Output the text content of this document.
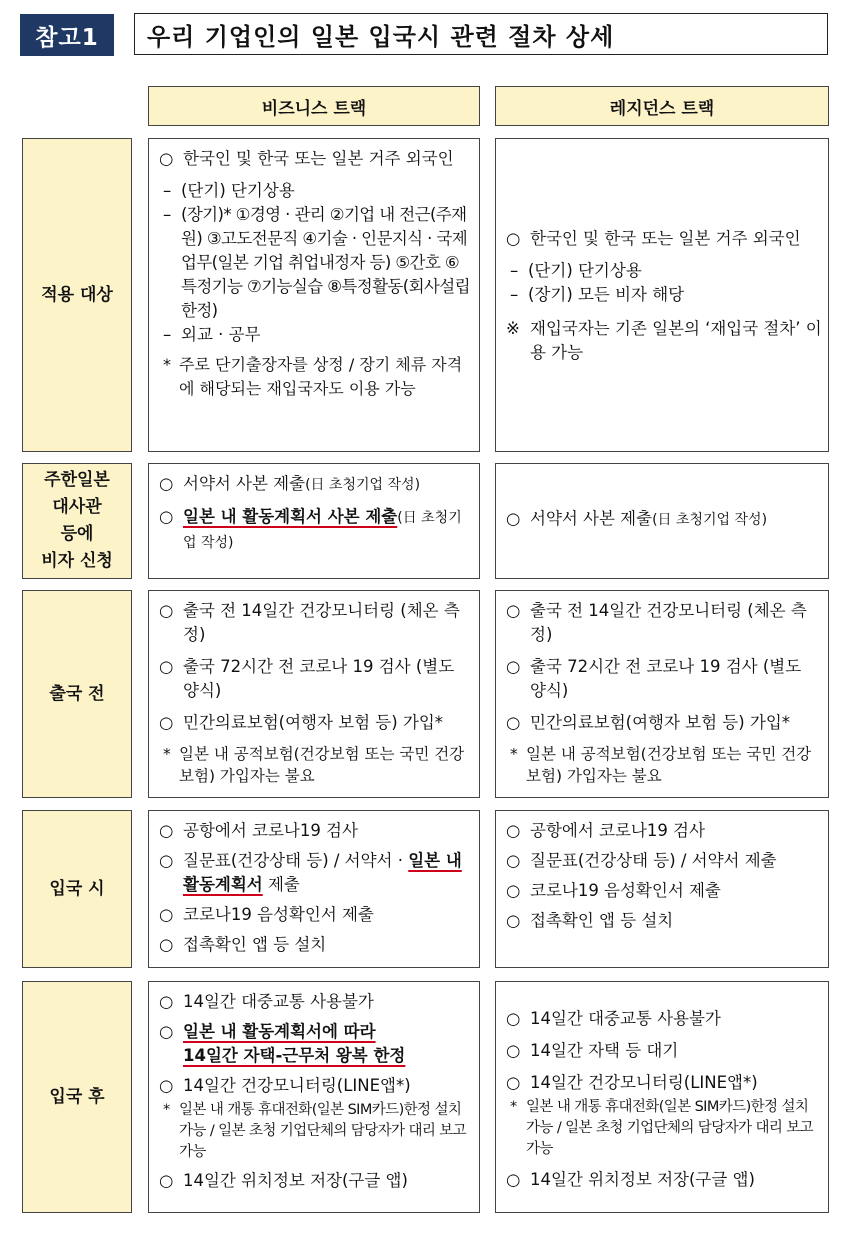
참고1	우리 기업인의 일본 입국시 관련 절차 상세
비즈니스 트랙	레지던스 트랙
적용 대상
○ 한국인 및 한국 또는 일본 거주 외국인
– (단기) 단기상용
– (장기)* ①경영 · 관리 ②기업 내 전근(주재원) ③고도전문직 ④기술 · 인문지식 · 국제업무(일본 기업 취업내정자 등) ⑤간호 ⑥특정기능 ⑦기능실습 ⑧특정활동(회사설립 한정)
– 외교 · 공무
* 주로 단기출장자를 상정 / 장기 체류 자격에 해당되는 재입국자도 이용 가능
○ 한국인 및 한국 또는 일본 거주 외국인
– (단기) 단기상용
– (장기) 모든 비자 해당
※ 재입국자는 기존 일본의 ‘재입국 절차’ 이용 가능
주한일본
대사관
등에
비자 신청
○ 서약서 사본 제출(日 초청기업 작성)
○ 일본 내 활동계획서 사본 제출(日 초청기업 작성)
○ 서약서 사본 제출(日 초청기업 작성)
출국 전
○ 출국 전 14일간 건강모니터링 (체온 측정)
○ 출국 72시간 전 코로나 19 검사 (별도 양식)
○ 민간의료보험(여행자 보험 등) 가입*
* 일본 내 공적보험(건강보험 또는 국민 건강보험) 가입자는 불요
○ 출국 전 14일간 건강모니터링 (체온 측정)
○ 출국 72시간 전 코로나 19 검사 (별도 양식)
○ 민간의료보험(여행자 보험 등) 가입*
* 일본 내 공적보험(건강보험 또는 국민 건강보험) 가입자는 불요
입국 시
○ 공항에서 코로나19 검사
○ 질문표(건강상태 등) / 서약서 · 일본 내 활동계획서 제출
○ 코로나19 음성확인서 제출
○ 접촉확인 앱 등 설치
○ 공항에서 코로나19 검사
○ 질문표(건강상태 등) / 서약서 제출
○ 코로나19 음성확인서 제출
○ 접촉확인 앱 등 설치
입국 후
○ 14일간 대중교통 사용불가
○ 일본 내 활동계획서에 따라
14일간 자택-근무처 왕복 한정
○ 14일간 건강모니터링(LINE앱*)
* 일본 내 개통 휴대전화(일본 SIM카드)한정 설치 가능 / 일본 초청 기업단체의 담당자가 대리 보고 가능
○ 14일간 위치정보 저장(구글 앱)
○ 14일간 대중교통 사용불가
○ 14일간 자택 등 대기
○ 14일간 건강모니터링(LINE앱*)
* 일본 내 개통 휴대전화(일본 SIM카드)한정 설치 가능 / 일본 초청 기업단체의 담당자가 대리 보고 가능
○ 14일간 위치정보 저장(구글 앱)
